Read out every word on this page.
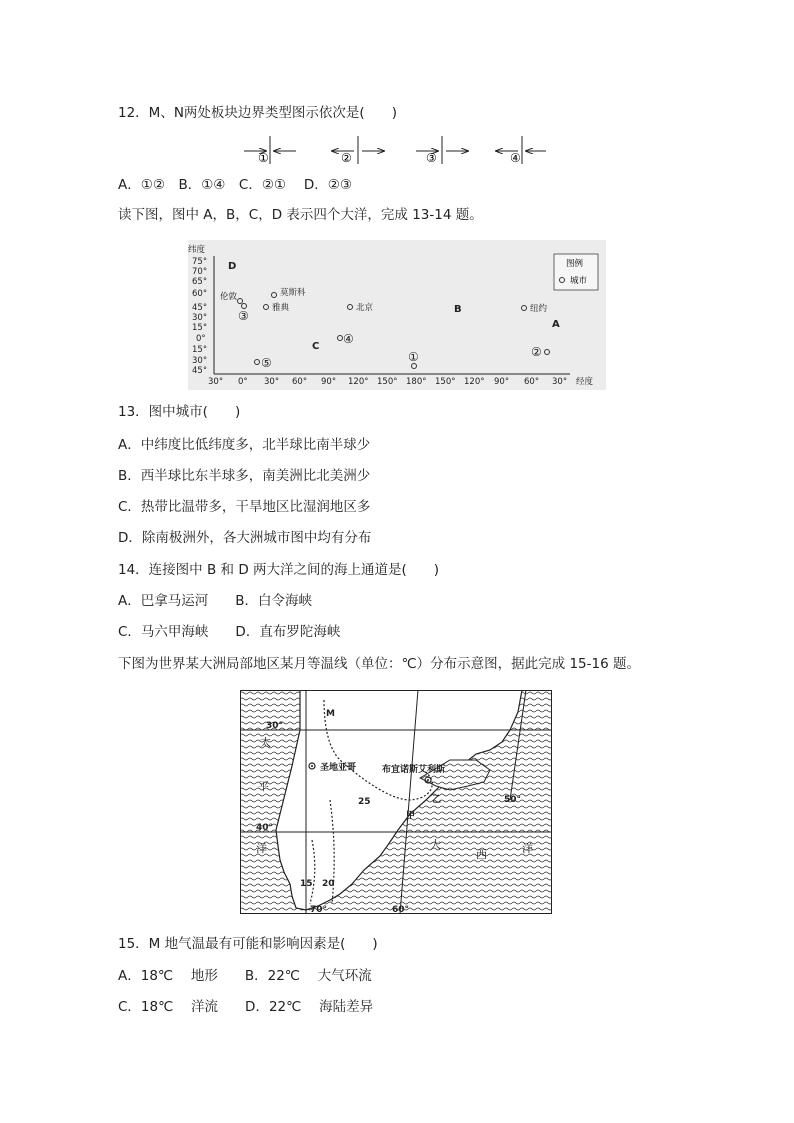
12．M、N两处板块边界类型图示依次是(　　)
①	②	③	④
A．①②　B．①④　C．②①　 D．②③
读下图，图中 A，B，C，D 表示四个大洋，完成 13-14 题。
纬度
75°
70°
65°
60°
45°
30°
15°
0°
15°
30°
45°
30° 0° 30° 60° 90° 120° 150° 180° 150° 120° 90° 60° 30° 经度
图例
城市
D
C
B
A
伦敦	莫斯科
雅典	北京	纽约
③
④
①	②
⑤
13．图中城市(　　)
A．中纬度比低纬度多，北半球比南半球少
B．西半球比东半球多，南美洲比北美洲少
C．热带比温带多，干旱地区比湿润地区多
D．除南极洲外，各大洲城市图中均有分布
14．连接图中 B 和 D 两大洋之间的海上通道是(　　)
A．巴拿马运河　　B．白令海峡
C．马六甲海峡　　D．直布罗陀海峡
下图为世界某大洲局部地区某月等温线（单位：℃）分布示意图，据此完成 15-16 题。
30°
40°
70°	60°
50°
圣地亚哥	布宜诺斯艾利斯
M
甲
乙
25
20
15
太
平
洋	大
西	洋
15．M 地气温最有可能和影响因素是(　　)
A．18℃　 地形　　B．22℃　 大气环流
C．18℃　 洋流　　D．22℃　 海陆差异
